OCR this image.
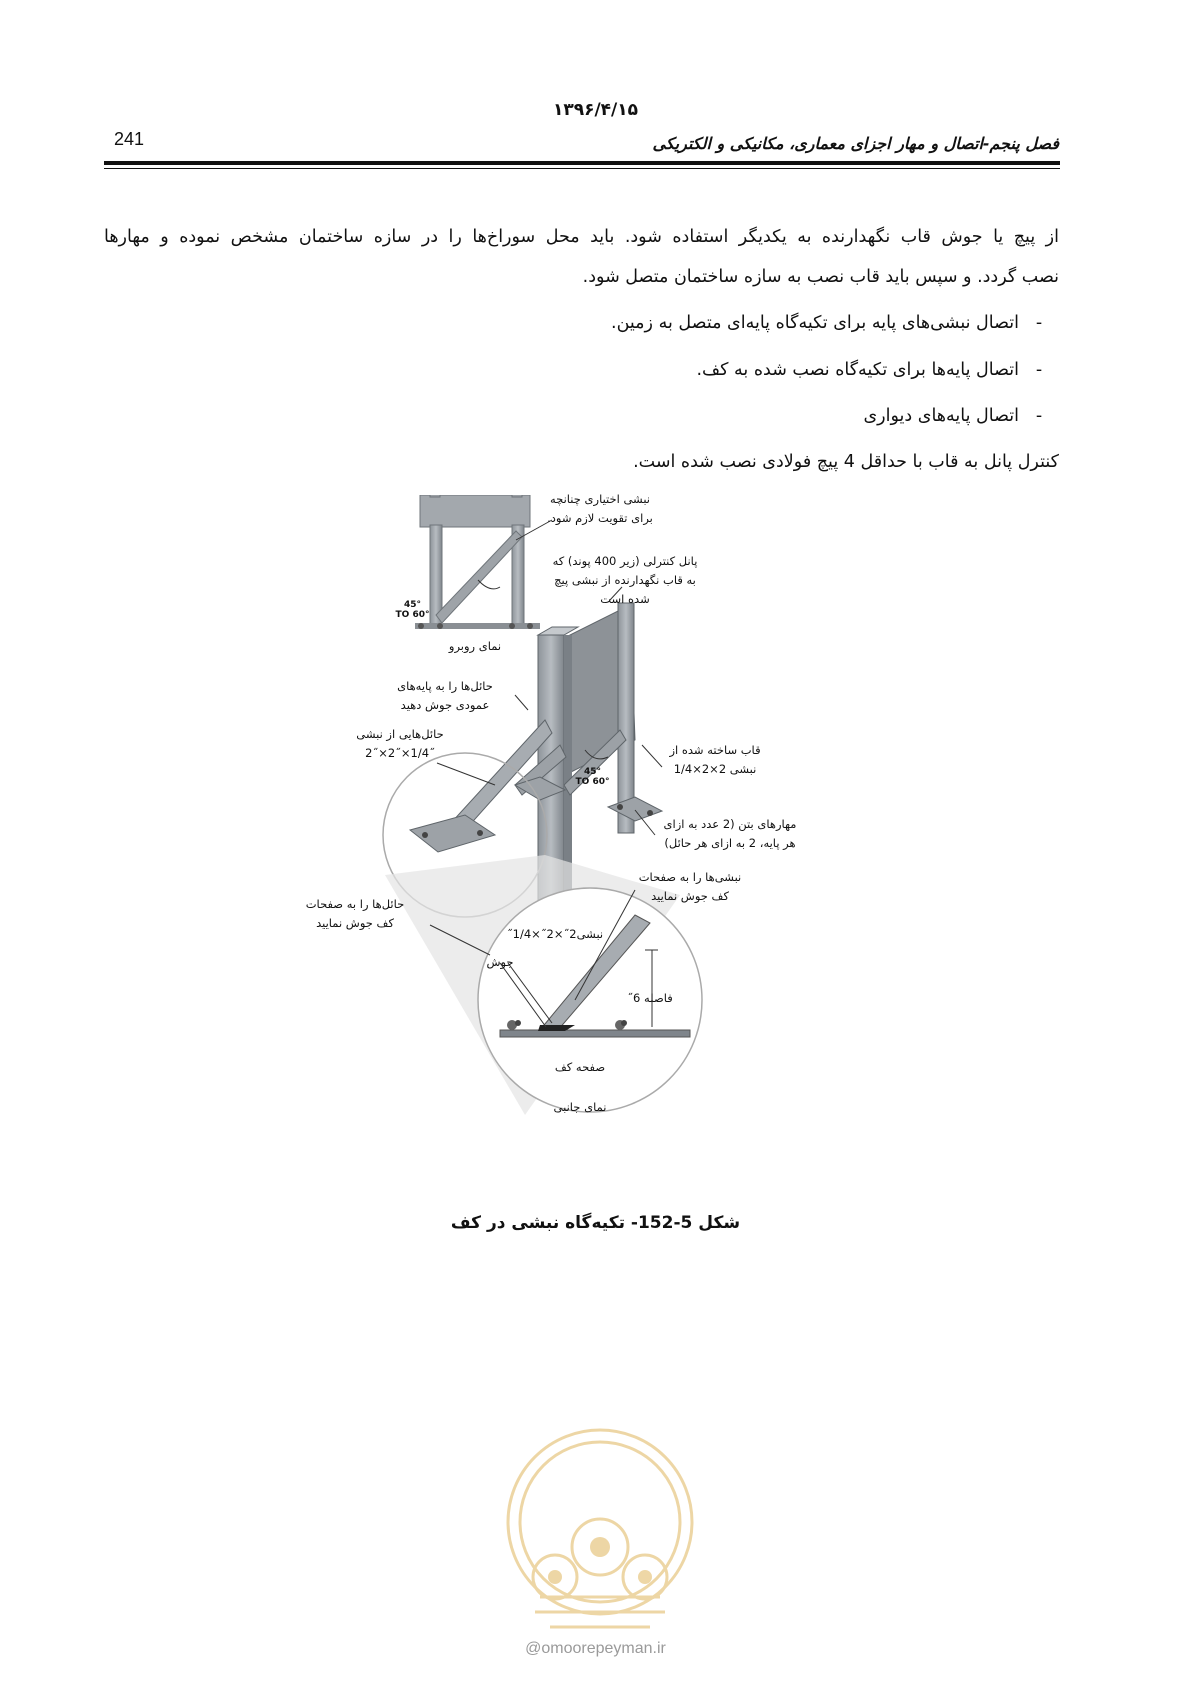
۱۳۹۶/۴/۱۵
241	فصل پنجم-اتصال و مهار اجزای معماری، مکانیکی و الکتریکی
از پیچ یا جوش قاب نگهدارنده به یکدیگر استفاده شود. باید محل سوراخ‌ها را در سازه ساختمان مشخص نموده و مهارها
نصب گردد. و سپس باید قاب نصب به سازه ساختمان متصل شود.
-اتصال نبشی‌های پایه برای تکیه‌گاه پایه‌ای متصل به زمین.
-اتصال پایه‌ها برای تکیه‌گاه نصب شده به کف.
-اتصال پایه‌های دیواری
کنترل پانل به قاب با حداقل 4 پیچ فولادی نصب شده است.
نبشی اختیاری چنانچه
برای تقویت لازم شود.
پانل کنترلی (زیر 400 پوند) که
به قاب نگهدارنده از نبشی پیچ
شده است
45°
TO 60°
نمای روبرو
حائل‌ها را به پایه‌های
عمودی جوش دهید
حائل‌هایی از نبشی
2˝×2˝×1/4˝
45°
TO 60°
قاب ساخته شده از
نبشی 2×2×1/4
مهارهای بتن (2 عدد به ازای
هر پایه، 2 به ازای هر حائل)
نبشی‌ها را به صفحات
کف جوش نمایید
حائل‌ها را به صفحات
کف جوش نمایید
نبشی2˝×2˝×1/4˝
جوش
فاصله 6˝
صفحه کف
نمای جانبی
شکل 5-152- تکیه‌گاه نبشی در کف
@omoorepeyman.ir
